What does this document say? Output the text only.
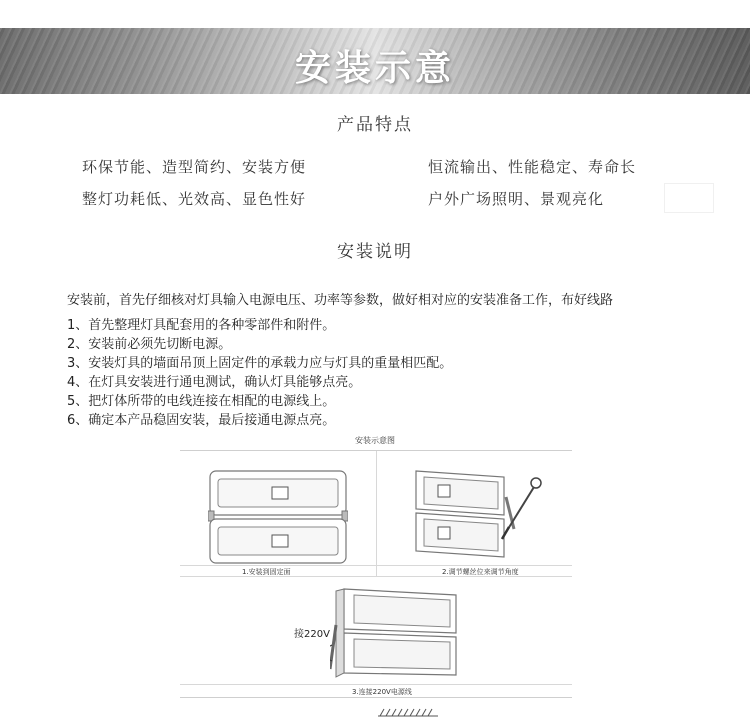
安装示意
产品特点
环保节能、造型简约、安装方便	恒流输出、性能稳定、寿命长
整灯功耗低、光效高、显色性好	户外广场照明、景观亮化
安装说明
安装前，首先仔细核对灯具输入电源电压、功率等参数，做好相对应的安装准备工作，布好线路
1、首先整理灯具配套用的各种零部件和附件。
2、安装前必须先切断电源。
3、安装灯具的墙面吊顶上固定件的承载力应与灯具的重量相匹配。
4、在灯具安装进行通电测试，确认灯具能够点亮。
5、把灯体所带的电线连接在相配的电源线上。
6、确定本产品稳固安装，最后接通电源点亮。
安装示意图
1.安装到固定面	2.调节螺丝位来调节角度
接220V
3.连接220V电源线
